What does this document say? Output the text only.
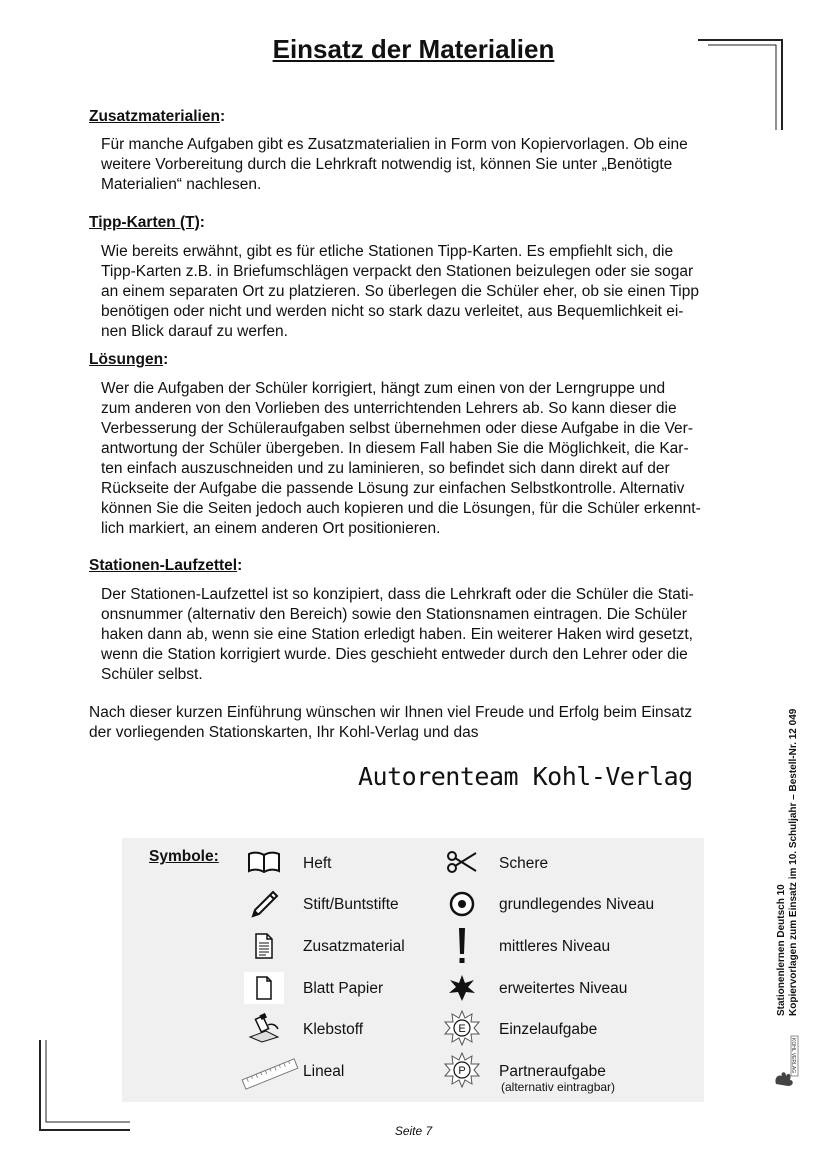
Einsatz der Materialien
Zusatzmaterialien:
Für manche Aufgaben gibt es Zusatzmaterialien in Form von Kopiervorlagen. Ob eine
weitere Vorbereitung durch die Lehrkraft notwendig ist, können Sie unter „Benötigte
Materialien“ nachlesen.
Tipp-Karten (T):
Wie bereits erwähnt, gibt es für etliche Stationen Tipp-Karten. Es empfiehlt sich, die
Tipp-Karten z.B. in Briefumschlägen verpackt den Stationen beizulegen oder sie sogar
an einem separaten Ort zu platzieren. So überlegen die Schüler eher, ob sie einen Tipp
benötigen oder nicht und werden nicht so stark dazu verleitet, aus Bequemlichkeit ei-
nen Blick darauf zu werfen.
Lösungen:
Wer die Aufgaben der Schüler korrigiert, hängt zum einen von der Lerngruppe und
zum anderen von den Vorlieben des unterrichtenden Lehrers ab. So kann dieser die
Verbesserung der Schüleraufgaben selbst übernehmen oder diese Aufgabe in die Ver-
antwortung der Schüler übergeben. In diesem Fall haben Sie die Möglichkeit, die Kar-
ten einfach auszuschneiden und zu laminieren, so befindet sich dann direkt auf der
Rückseite der Aufgabe die passende Lösung zur einfachen Selbstkontrolle. Alternativ
können Sie die Seiten jedoch auch kopieren und die Lösungen, für die Schüler erkennt-
lich markiert, an einem anderen Ort positionieren.
Stationen-Laufzettel:
Der Stationen-Laufzettel ist so konzipiert, dass die Lehrkraft oder die Schüler die Stati-
onsnummer (alternativ den Bereich) sowie den Stationsnamen eintragen. Die Schüler
haken dann ab, wenn sie eine Station erledigt haben. Ein weiterer Haken wird gesetzt,
wenn die Station korrigiert wurde. Dies geschieht entweder durch den Lehrer oder die
Schüler selbst.
Nach dieser kurzen Einführung wünschen wir Ihnen viel Freude und Erfolg beim Einsatz
der vorliegenden Stationskarten, Ihr Kohl-Verlag und das
Autorenteam Kohl-Verlag
Symbole:	Heft
Stift/Buntstifte
Zusatzmaterial
Blatt Papier
Klebstoff
Lineal
Schere
grundlegendes Niveau
mittleres Niveau
erweitertes Niveau
E Einzelaufgabe
P Partneraufgabe
(alternativ eintragbar)
Stationenlernen Deutsch 10 Kopiervorlagen zum Einsatz im 10. Schuljahr – Bestell-Nr. 12 049
KOHL VERLAG
Seite 7
